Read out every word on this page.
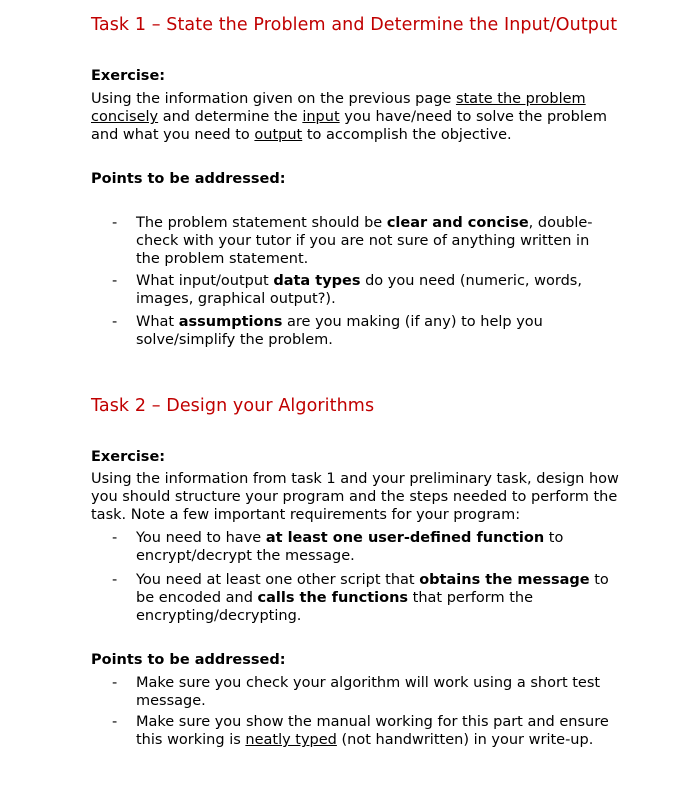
Task 1 – State the Problem and Determine the Input/Output

Exercise:

Using the information given on the previous page state the problem concisely and determine the input you have/need to solve the problem and what you need to output to accomplish the objective.

Points to be addressed:

- The problem statement should be clear and concise, double-check with your tutor if you are not sure of anything written in the problem statement.
- What input/output data types do you need (numeric, words, images, graphical output?).
- What assumptions are you making (if any) to help you solve/simplify the problem.
Task 2 – Design your Algorithms

Exercise:

Using the information from task 1 and your preliminary task, design how you should structure your program and the steps needed to perform the task. Note a few important requirements for your program:

- You need to have at least one user-defined function to encrypt/decrypt the message.
- You need at least one other script that obtains the message to be encoded and calls the functions that perform the encrypting/decrypting.

Points to be addressed:

- Make sure you check your algorithm will work using a short test message.
- Make sure you show the manual working for this part and ensure this working is neatly typed (not handwritten) in your write-up.
